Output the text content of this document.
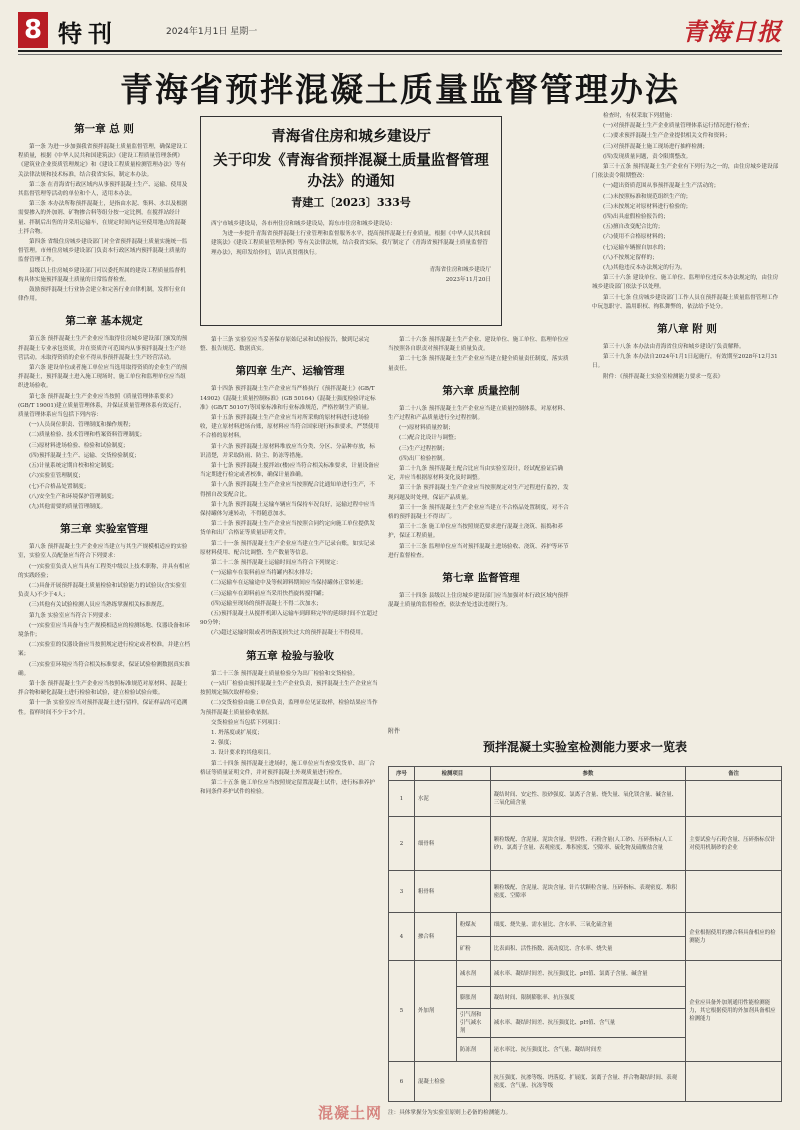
8 特刊	2024年1月1日 星期一	青海日报
青海省预拌混凝土质量监督管理办法
第一章 总 则

第一条 为进一步加强我省预拌混凝土质量监督管理，确保建设工程质量，根据《中华人民共和国建筑法》《建设工程质量管理条例》《建筑业企业资质管理规定》和《建设工程质量检测管理办法》等有关法律法规和技术标准，结合我省实际，制定本办法。

第二条 在青海省行政区域内从事预拌混凝土生产、运输、使用及其监督管理等活动的单位和个人，适用本办法。

第三条 本办法所称预拌混凝土，是指由水泥、集料、水以及根据需要掺入的外加剂、矿物掺合料等组分按一定比例，在搅拌站经计量、拌制后出售的并采用运输车，在规定时间内运至使用地点的混凝土拌合物。

第四条 省级住房城乡建设部门对全省预拌混凝土质量实施统一监督管理。市州住房城乡建设部门负责本行政区域内预拌混凝土质量的监督管理工作。

县级以上住房城乡建设部门可以委托所属的建设工程质量监督机构具体实施预拌混凝土质量的日常监督检查。

鼓励预拌混凝土行业协会建立和完善行业自律机制，发挥行业自律作用。

第二章 基本规定

第五条 预拌混凝土生产企业应当取得住房城乡建设部门颁发的预拌混凝土专业承包资质，并在资质许可范围内从事预拌混凝土生产经营活动。未取得资质的企业不得从事预拌混凝土生产经营活动。

第六条 建设单位或者施工单位应当选用取得资质的企业生产的预拌混凝土，预拌混凝土进入施工现场时，施工单位和监理单位应当组织进场验收。

第七条 预拌混凝土生产企业应当按照《质量管理体系要求》(GB/T 19001)建立质量管理体系，并保证质量管理体系有效运行，质量管理体系应当包括下列内容：

(一)人员岗位职责、管理制度和操作规程；

(二)质量检验、技术管理和档案资料管理制度；

(三)原材料进场检验、检验和试验制度；

(四)预拌混凝土生产、运输、交货检验制度；

(五)计量系统定期自校和检定制度；

(六)实验室管理制度；

(七)不合格品处置制度；

(八)安全生产和环境保护管理制度；

(九)其他需要的质量管理制度。

第三章 实验室管理

第八条 预拌混凝土生产企业应当建立与其生产规模相适应的实验室，实验室人员配备应当符合下列要求：

(一)实验室负责人应当具有工程类中级以上技术职称，并具有相应的实践经验；

(二)具备开展预拌混凝土质量检验和试验能力的试验员(含实验室负责人)不少于4人；

(三)其他有关试验检测人员应当熟练掌握相关标准规范。

第九条 实验室应当符合下列要求：

(一)实验室应当具备与生产规模相适应的检测场地、仪器设备和环境条件；

(二)实验室的仪器设备应当按照规定进行检定或者校准，并建立档案；

(三)实验室环境应当符合相关标准要求，保证试验检测数据真实准确。

第十条 预拌混凝土生产企业应当按照标准规范对原材料、混凝土拌合物和硬化混凝土进行检验和试验，建立检验试验台账。

第十一条 实验室应当对预拌混凝土进行留样，保证样品的可追溯性。留样时间不少于3个月。

青海省住房和城乡建设厅
关于印发《青海省预拌混凝土质量监督管理办法》的通知
青建工〔2023〕333号
西宁市城乡建设局，各市州住房和城乡建设局，海东市住房和城乡建设局：

为进一步提升青海省预拌混凝土行业管理和监督服务水平，提高预拌混凝土行业质量，根据《中华人民共和国建筑法》《建设工程质量管理条例》等有关法律法规，结合我省实际，我厅制定了《青海省预拌混凝土质量监督管理办法》，现印发给你们，请认真贯彻执行。

青海省住房和城乡建设厅
2023年11月20日

第十三条 实验室应当妥善保存原始记录和试验报告，做到记录完整、报告规范、数据真实。

第四章 生产、运输管理

第十四条 预拌混凝土生产企业应当严格执行《预拌混凝土》(GB/T 14902)《混凝土质量控制标准》(GB 50164)《混凝土强度检验评定标准》(GB/T 50107)等国家标准和行业标准规范，严格控制生产质量。

第十五条 预拌混凝土生产企业应当对所采购的原材料进行进场验收，建立原材料进场台账，原材料应当符合国家现行标准要求，严禁使用不合格的原材料。

第十六条 预拌混凝土原材料堆放应当分类、分区、分品种存放，标识清楚，并采取防雨、防尘、防冻等措施。

第十七条 预拌混凝土搅拌站(楼)应当符合相关标准要求，计量设备应当定期进行检定或者校准，确保计量准确。

第十八条 预拌混凝土生产企业应当按照配合比通知单进行生产，不得擅自改变配合比。

第十九条 预拌混凝土运输车辆应当保持车况良好，运输过程中应当保持罐体匀速转动，不得随意加水。

第二十条 预拌混凝土生产企业应当按照合同约定向施工单位提供发货单和出厂合格证等质量证明文件。

第二十一条 预拌混凝土生产企业应当建立生产记录台账，如实记录原材料使用、配合比调整、生产数量等信息。

第二十二条 预拌混凝土运输时间应当符合下列规定：

(一)运输车在装料前应当将罐内积水排尽；

(二)运输车在运输途中及等候卸料期间应当保持罐体正常转速；

(三)运输车在卸料前应当采用快挡旋转搅拌罐；

(四)运输至现场的预拌混凝土不得二次加水；

(五)预拌混凝土从搅拌机卸入运输车到卸料完毕的延续时间不宜超过90分钟；

(六)超过运输时限或者坍落度损失过大的预拌混凝土不得使用。

第五章 检验与验收

第二十三条 预拌混凝土质量检验分为出厂检验和交货检验。

(一)出厂检验由预拌混凝土生产企业负责，预拌混凝土生产企业应当按照规定频次取样检验；

(二)交货检验由施工单位负责，监理单位见证取样，检验结果应当作为预拌混凝土质量验收依据。

交货检验应当包括下列项目：

1. 坍落度或扩展度；

2. 强度；

3. 设计要求的其他项目。

第二十四条 预拌混凝土进场时，施工单位应当查验发货单、出厂合格证等质量证明文件，并对预拌混凝土外观质量进行检查。

第二十五条 施工单位应当按照规定留置混凝土试件，进行标准养护和同条件养护试件的检验。

第二十六条 预拌混凝土生产企业、建设单位、施工单位、监理单位应当按照各自职责对预拌混凝土质量负责。

第二十七条 预拌混凝土生产企业应当建立健全质量责任制度，落实质量责任。

第六章 质量控制

第二十八条 预拌混凝土生产企业应当建立质量控制体系，对原材料、生产过程和产品质量进行全过程控制。

(一)原材料质量控制；

(二)配合比设计与调整；

(三)生产过程控制；

(四)出厂检验控制。

第二十九条 预拌混凝土配合比应当由实验室设计，经试配验证后确定，并应当根据原材料变化及时调整。

第三十条 预拌混凝土生产企业应当按照规定对生产过程进行监控，发现问题及时处理，保证产品质量。

第三十一条 预拌混凝土生产企业应当建立不合格品处置制度，对不合格的预拌混凝土不得出厂。

第三十二条 施工单位应当按照规范要求进行混凝土浇筑、振捣和养护，保证工程质量。

第三十三条 监理单位应当对预拌混凝土进场验收、浇筑、养护等环节进行监督检查。

第七章 监督管理

第三十四条 县级以上住房城乡建设部门应当加强对本行政区域内预拌混凝土质量的监督检查，依法查处违法违规行为。

检查时，有权采取下列措施：

(一)对预拌混凝土生产企业质量管理体系运行情况进行检查；

(二)要求预拌混凝土生产企业提供相关文件和资料；

(三)对预拌混凝土施工现场进行抽样检测；

(四)发现质量问题，责令限期整改。

第三十五条 预拌混凝土生产企业有下列行为之一的，由住房城乡建设部门依法责令限期整改：

(一)超出资质范围从事预拌混凝土生产活动的；

(二)未按照标准和规范组织生产的；

(三)未按规定对原材料进行检验的；

(四)出具虚假检验报告的；

(五)擅自改变配合比的；

(六)使用不合格原材料的；

(七)运输车辆擅自加水的；

(八)不按规定留样的；

(九)其他违反本办法规定的行为。

第三十六条 建设单位、施工单位、监理单位违反本办法规定的，由住房城乡建设部门依法予以处理。

第三十七条 住房城乡建设部门工作人员在预拌混凝土质量监督管理工作中玩忽职守、滥用职权、徇私舞弊的，依法给予处分。

第八章 附 则

第三十八条 本办法由青海省住房和城乡建设厅负责解释。

第三十九条 本办法自2024年1月1日起施行，有效期至2028年12月31日。

附件：《预拌混凝土实验室检测能力要求一览表》

附件
预拌混凝土实验室检测能力要求一览表
序号	检测项目		参数	备注
1	水泥		凝结时间、安定性、胶砂强度、氯离子含量、烧失量、氧化镁含量、碱含量、三氧化硫含量	
2	细骨料		颗粒级配、含泥量、泥块含量、坚固性、石粉含量(人工砂)、压碎指标(人工砂)、氯离子含量、表观密度、堆积密度、空隙率、硫化物及硫酸盐含量	主要试验与石粉含量、压碎指标仅针对使用机制砂的企业
3	粗骨料		颗粒级配、含泥量、泥块含量、针片状颗粒含量、压碎指标、表观密度、堆积密度、空隙率	
4	掺合料	粉煤灰	细度、烧失量、需水量比、含水率、三氧化硫含量	企业根据使用的掺合料具备相应的检测能力
		矿粉	比表面积、活性指数、流动度比、含水率、烧失量	
5	外加剂	减水剂	减水率、凝结时间差、抗压强度比、pH值、氯离子含量、碱含量	企业应具备外加剂通用性能检测能力，其它根据使用的外加剂具备相应检测能力
		膨胀剂	凝结时间、限制膨胀率、抗压强度	
		引气剂和引气减水剂	减水率、凝结时间差、抗压强度比、pH值、含气量	
		防冻剂	泌水率比、抗压强度比、含气量、凝结时间差	
6	混凝土检验		抗压强度、抗渗等级、坍落度、扩展度、氯离子含量、拌合物凝结时间、表观密度、含气量、抗冻等级	
注：具体掌握分为实验室原则上必备的检测能力。
混凝土网
